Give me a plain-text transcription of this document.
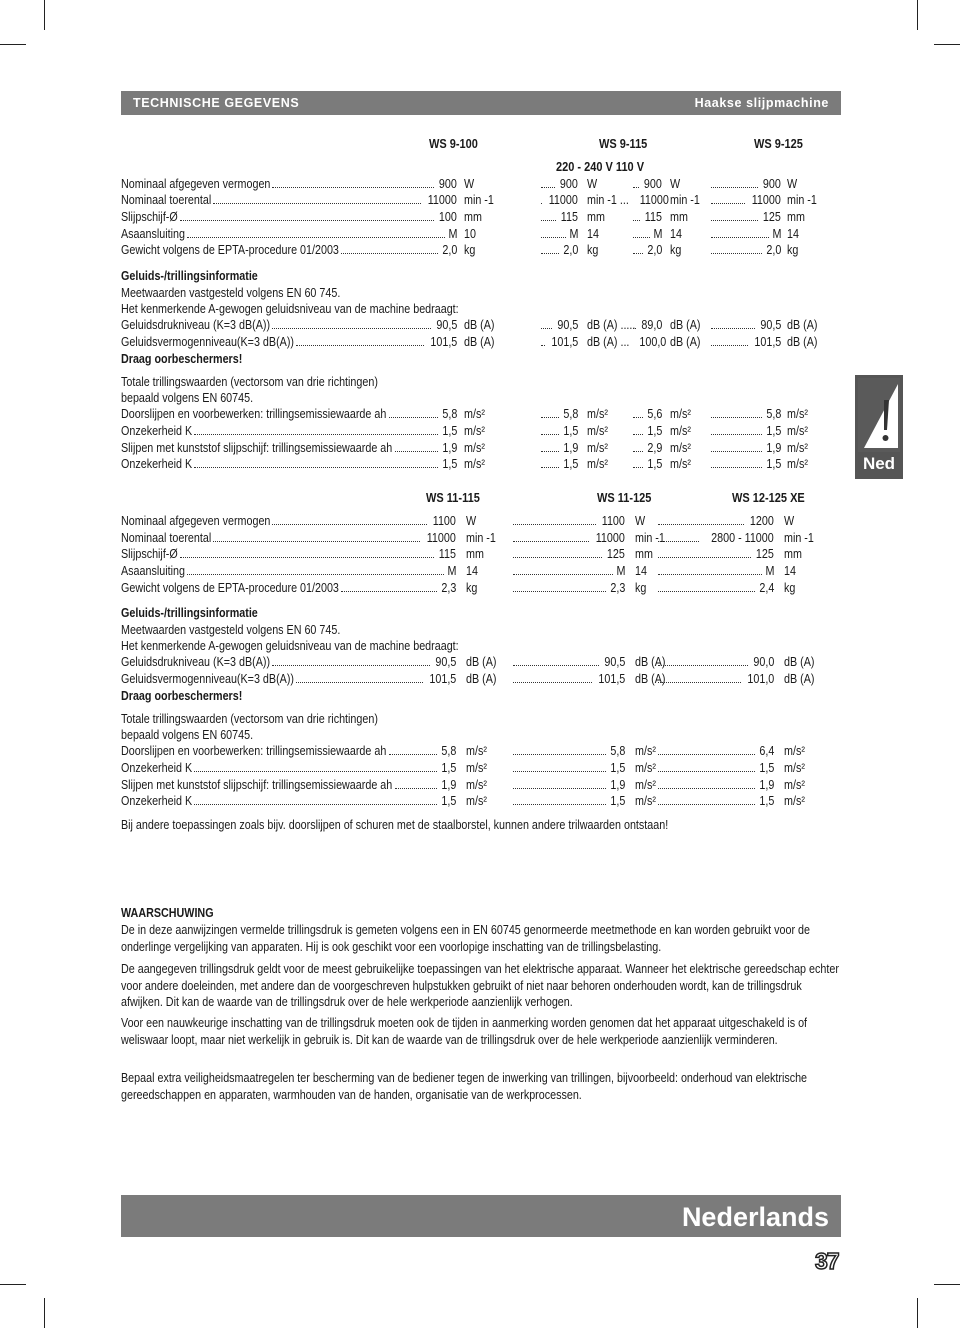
TECHNISCHE GEGEVENS	Haakse slijpmachine
WS 9-100	WS 9-115	WS 9-125
220 - 240 V 110 V
Nominaal afgegeven vermogen	900 W	900 W	900 W	900 W
Nominaal toerental	11000 min -1	11000 min -1 ... 11000 min -1	11000 min -1
Slijpschijf-Ø	100 mm	115 mm	115 mm	125 mm
Asaansluiting	M 10	M 14	M 14	M 14
Gewicht volgens de EPTA-procedure 01/2003	2,0 kg	2,0 kg	2,0 kg	2,0 kg
Geluids-/trillingsinformatie
Meetwaarden vastgesteld volgens EN 60 745.
Het kenmerkende A-gewogen geluidsniveau van de machine bedraagt:
Geluidsdrukniveau (K=3 dB(A))	90,5 dB (A)	90,5 dB (A) ..... 89,0 dB (A)	90,5 dB (A)
Geluidsvermogenniveau(K=3 dB(A))	101,5 dB (A)	101,5 dB (A) ... 100,0 dB (A)	101,5 dB (A)
Draag oorbeschermers!
Totale trillingswaarden (vectorsom van drie richtingen)
bepaald volgens EN 60745.
Doorslijpen en voorbewerken: trillingsemissiewaarde ah	5,8 m/s²	5,8 m/s²	5,6 m/s²	5,8 m/s²
Onzekerheid K	1,5 m/s²	1,5 m/s²	1,5 m/s²	1,5 m/s²
Slijpen met kunststof slijpschijf: trillingsemissiewaarde ah	1,9 m/s²	1,9 m/s²	2,9 m/s²	1,9 m/s²
Onzekerheid K	1,5 m/s²	1,5 m/s²	1,5 m/s²	1,5 m/s²
WS 11-115	WS 11-125	WS 12-125 XE
Nominaal afgegeven vermogen	1100 W	1100 W	1200 W
Nominaal toerental	11000 min -1	11000 min -1	2800 - 11000 min -1
Slijpschijf-Ø	115 mm	125 mm	125 mm
Asaansluiting	M 14	M 14	M 14
Gewicht volgens de EPTA-procedure 01/2003	2,3 kg	2,3 kg	2,4 kg
Geluids-/trillingsinformatie
Meetwaarden vastgesteld volgens EN 60 745.
Het kenmerkende A-gewogen geluidsniveau van de machine bedraagt:
Geluidsdrukniveau (K=3 dB(A))	90,5 dB (A)	90,5 dB (A)	90,0 dB (A)
Geluidsvermogenniveau(K=3 dB(A))	101,5 dB (A)	101,5 dB (A)	101,0 dB (A)
Draag oorbeschermers!
Totale trillingswaarden (vectorsom van drie richtingen)
bepaald volgens EN 60745.
Doorslijpen en voorbewerken: trillingsemissiewaarde ah	5,8 m/s²	5,8 m/s²	6,4 m/s²
Onzekerheid K	1,5 m/s²	1,5 m/s²	1,5 m/s²
Slijpen met kunststof slijpschijf: trillingsemissiewaarde ah	1,9 m/s²	1,9 m/s²	1,9 m/s²
Onzekerheid K	1,5 m/s²	1,5 m/s²	1,5 m/s²
Bij andere toepassingen zoals bijv. doorslijpen of schuren met de staalborstel, kunnen andere trilwaarden ontstaan!
WAARSCHUWING
De in deze aanwijzingen vermelde trillingsdruk is gemeten volgens een in EN 60745 genormeerde meetmethode en kan worden gebruikt voor de onderlinge vergelijking van apparaten. Hij is ook geschikt voor een voorlopige inschatting van de trillingsbelasting.
De aangegeven trillingsdruk geldt voor de meest gebruikelijke toepassingen van het elektrische apparaat. Wanneer het elektrische gereedschap echter voor andere doeleinden, met andere dan de voorgeschreven hulpstukken gebruikt of niet naar behoren onderhouden wordt, kan de trillingsdruk afwijken. Dit kan de waarde van de trillingsdruk over de hele werkperiode aanzienlijk verhogen.
Voor een nauwkeurige inschatting van de trillingsdruk moeten ook de tijden in aanmerking worden genomen dat het apparaat uitgeschakeld is of weliswaar loopt, maar niet werkelijk in gebruik is. Dit kan de waarde van de trillingsdruk over de hele werkperiode aanzienlijk verminderen.
Bepaal extra veiligheidsmaatregelen ter bescherming van de bediener tegen de inwerking van trillingen, bijvoorbeeld: onderhoud van elektrische gereedschappen en apparaten, warmhouden van de handen, organisatie van de werkprocessen.
Ned
Nederlands
37
